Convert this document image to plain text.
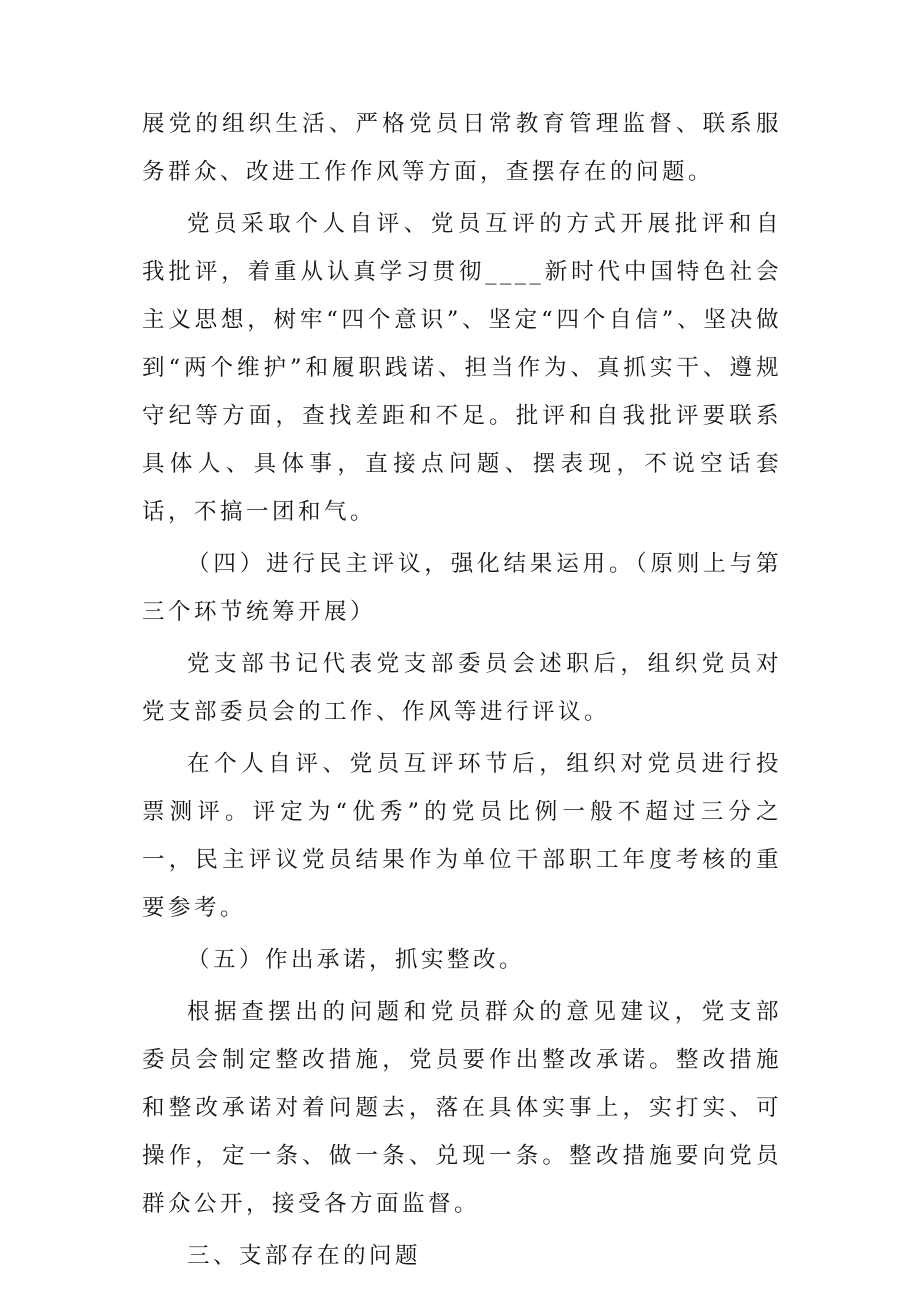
展党的组织生活、严格党员日常教育管理监督、联系服务群众、改进工作作风等方面，查摆存在的问题。

党员采取个人自评、党员互评的方式开展批评和自我批评，着重从认真学习贯彻____新时代中国特色社会主义思想，树牢“四个意识”、坚定“四个自信”、坚决做到“两个维护”和履职践诺、担当作为、真抓实干、遵规守纪等方面，查找差距和不足。批评和自我批评要联系具体人、具体事，直接点问题、摆表现，不说空话套话，不搞一团和气。

（四）进行民主评议，强化结果运用。（原则上与第三个环节统筹开展）

党支部书记代表党支部委员会述职后，组织党员对党支部委员会的工作、作风等进行评议。

在个人自评、党员互评环节后，组织对党员进行投票测评。评定为“优秀”的党员比例一般不超过三分之一，民主评议党员结果作为单位干部职工年度考核的重要参考。

（五）作出承诺，抓实整改。

根据查摆出的问题和党员群众的意见建议，党支部委员会制定整改措施，党员要作出整改承诺。整改措施和整改承诺对着问题去，落在具体实事上，实打实、可操作，定一条、做一条、兑现一条。整改措施要向党员群众公开，接受各方面监督。

三、支部存在的问题
